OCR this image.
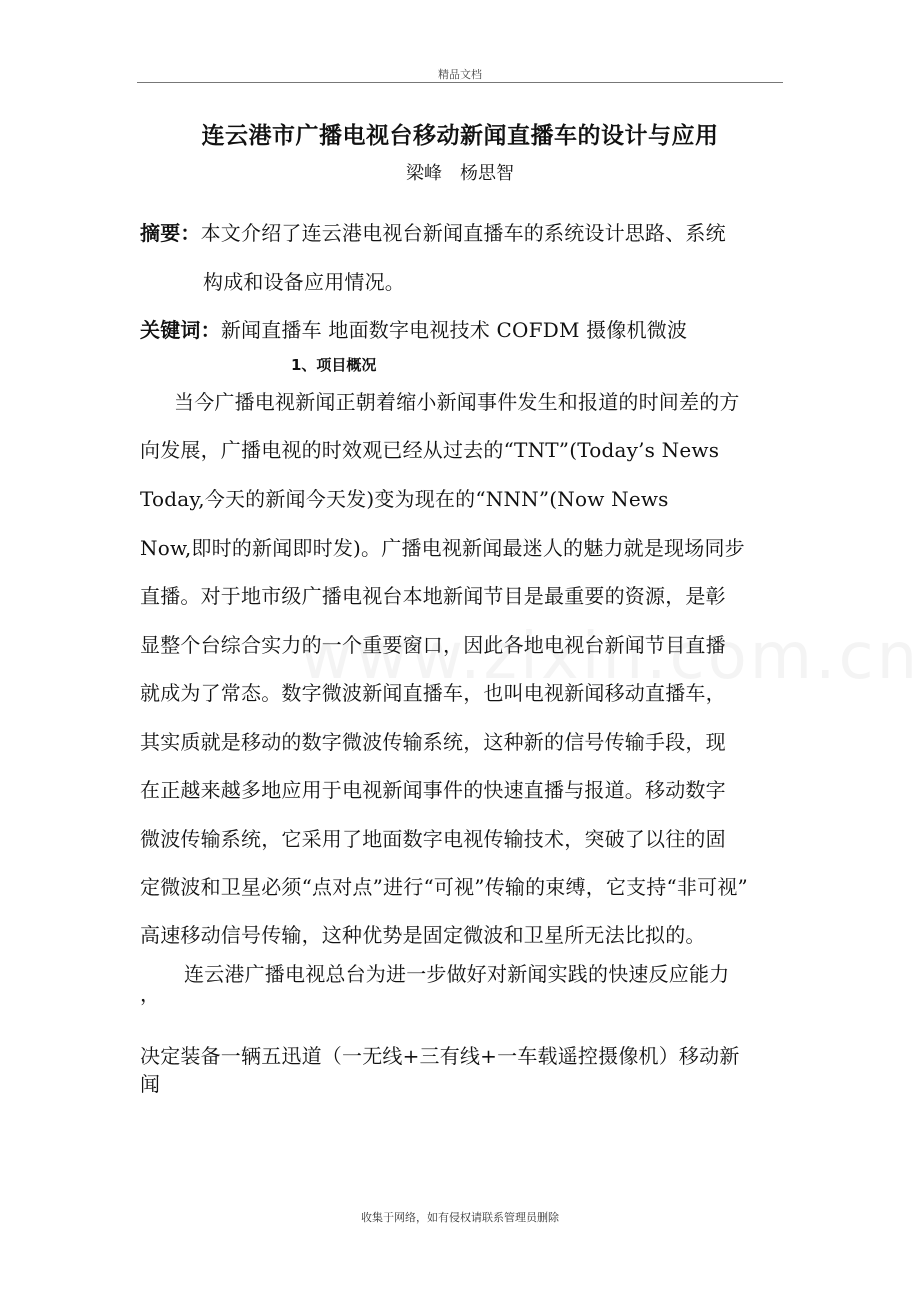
精品文档
连云港市广播电视台移动新闻直播车的设计与应用
梁峰 杨思智
摘要：本文介绍了连云港电视台新闻直播车的系统设计思路、系统
构成和设备应用情况。
关键词：新闻直播车 地面数字电视技术 COFDM 摄像机微波
1、项目概况
当今广播电视新闻正朝着缩小新闻事件发生和报道的时间差的方
向发展，广播电视的时效观已经从过去的“TNT”(Today’s News
Today,今天的新闻今天发)变为现在的“NNN”(Now News
Now,即时的新闻即时发)。广播电视新闻最迷人的魅力就是现场同步
直播。对于地市级广播电视台本地新闻节目是最重要的资源，是彰
显整个台综合实力的一个重要窗口，因此各地电视台新闻节目直播
就成为了常态。数字微波新闻直播车，也叫电视新闻移动直播车，
其实质就是移动的数字微波传输系统，这种新的信号传输手段，现
在正越来越多地应用于电视新闻事件的快速直播与报道。移动数字
微波传输系统，它采用了地面数字电视传输技术，突破了以往的固
定微波和卫星必须“点对点”进行“可视”传输的束缚，它支持“非可视”
高速移动信号传输，这种优势是固定微波和卫星所无法比拟的。
连云港广播电视总台为进一步做好对新闻实践的快速反应能力
，
决定装备一辆五迅道（一无线+三有线+一车载遥控摄像机）移动新
闻
收集于网络，如有侵权请联系管理员删除
